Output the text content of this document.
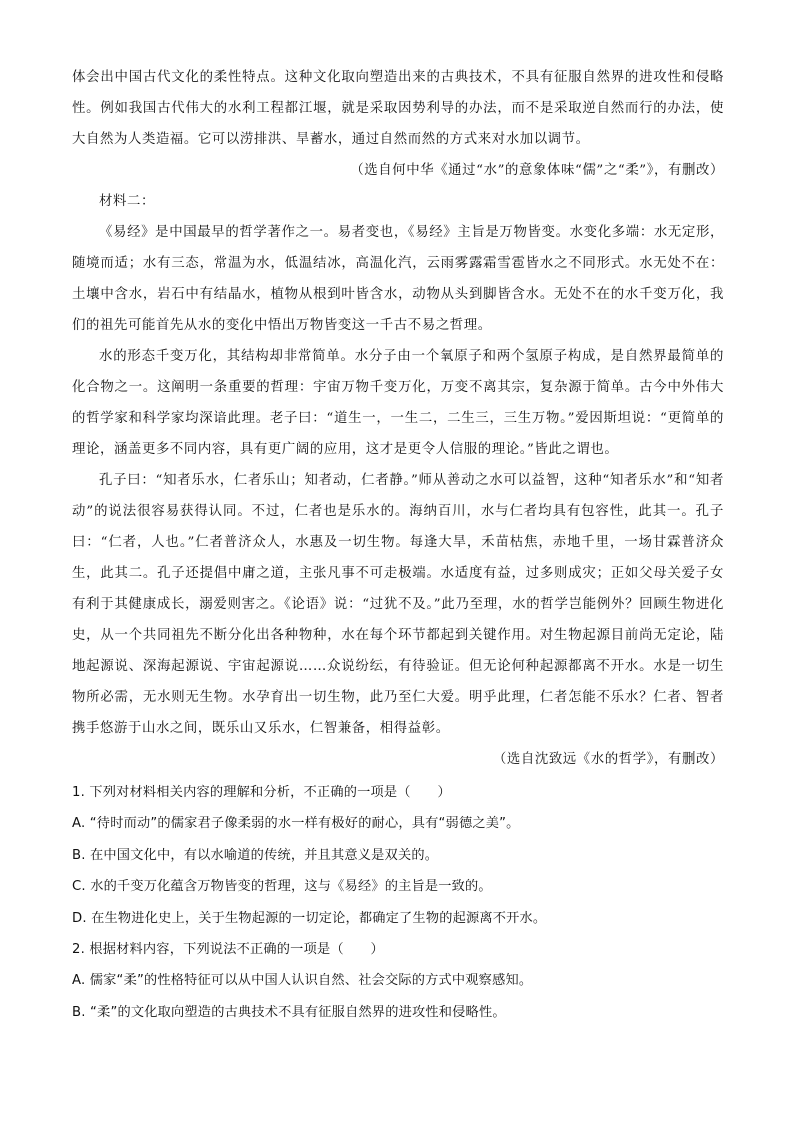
体会出中国古代文化的柔性特点。这种文化取向塑造出来的古典技术，不具有征服自然界的进攻性和侵略性。例如我国古代伟大的水利工程都江堰，就是采取因势利导的办法，而不是采取逆自然而行的办法，使大自然为人类造福。它可以涝排洪、旱蓄水，通过自然而然的方式来对水加以调节。

（选自何中华《通过“水”的意象体味“儒”之“柔”》，有删改）

材料二：

《易经》是中国最早的哲学著作之一。易者变也，《易经》主旨是万物皆变。水变化多端：水无定形，随境而适；水有三态，常温为水，低温结冰，高温化汽，云雨雾露霜雪雹皆水之不同形式。水无处不在：土壤中含水，岩石中有结晶水，植物从根到叶皆含水，动物从头到脚皆含水。无处不在的水千变万化，我们的祖先可能首先从水的变化中悟出万物皆变这一千古不易之哲理。

水的形态千变万化，其结构却非常简单。水分子由一个氧原子和两个氢原子构成，是自然界最简单的化合物之一。这阐明一条重要的哲理：宇宙万物千变万化，万变不离其宗，复杂源于简单。古今中外伟大的哲学家和科学家均深谙此理。老子曰：“道生一，一生二，二生三，三生万物。”爱因斯坦说：“更简单的理论，涵盖更多不同内容，具有更广阔的应用，这才是更令人信服的理论。”皆此之谓也。

孔子曰：“知者乐水，仁者乐山；知者动，仁者静。”师从善动之水可以益智，这种“知者乐水”和“知者动”的说法很容易获得认同。不过，仁者也是乐水的。海纳百川，水与仁者均具有包容性，此其一。孔子曰：“仁者，人也。”仁者普济众人，水惠及一切生物。每逢大旱，禾苗枯焦，赤地千里，一场甘霖普济众生，此其二。孔子还提倡中庸之道，主张凡事不可走极端。水适度有益，过多则成灾；正如父母关爱子女有利于其健康成长，溺爱则害之。《论语》说：“过犹不及。”此乃至理，水的哲学岂能例外？回顾生物进化史，从一个共同祖先不断分化出各种物种，水在每个环节都起到关键作用。对生物起源目前尚无定论，陆地起源说、深海起源说、宇宙起源说……众说纷纭，有待验证。但无论何种起源都离不开水。水是一切生物所必需，无水则无生物。水孕育出一切生物，此乃至仁大爱。明乎此理，仁者怎能不乐水？仁者、智者携手悠游于山水之间，既乐山又乐水，仁智兼备，相得益彰。

（选自沈致远《水的哲学》，有删改）

1. 下列对材料相关内容的理解和分析，不正确的一项是（　　）

A. “待时而动”的儒家君子像柔弱的水一样有极好的耐心，具有“弱德之美”。

B. 在中国文化中，有以水喻道的传统，并且其意义是双关的。

C. 水的千变万化蕴含万物皆变的哲理，这与《易经》的主旨是一致的。

D. 在生物进化史上，关于生物起源的一切定论，都确定了生物的起源离不开水。

2. 根据材料内容，下列说法不正确的一项是（　　）

A. 儒家“柔”的性格特征可以从中国人认识自然、社会交际的方式中观察感知。

B. “柔”的文化取向塑造的古典技术不具有征服自然界的进攻性和侵略性。
